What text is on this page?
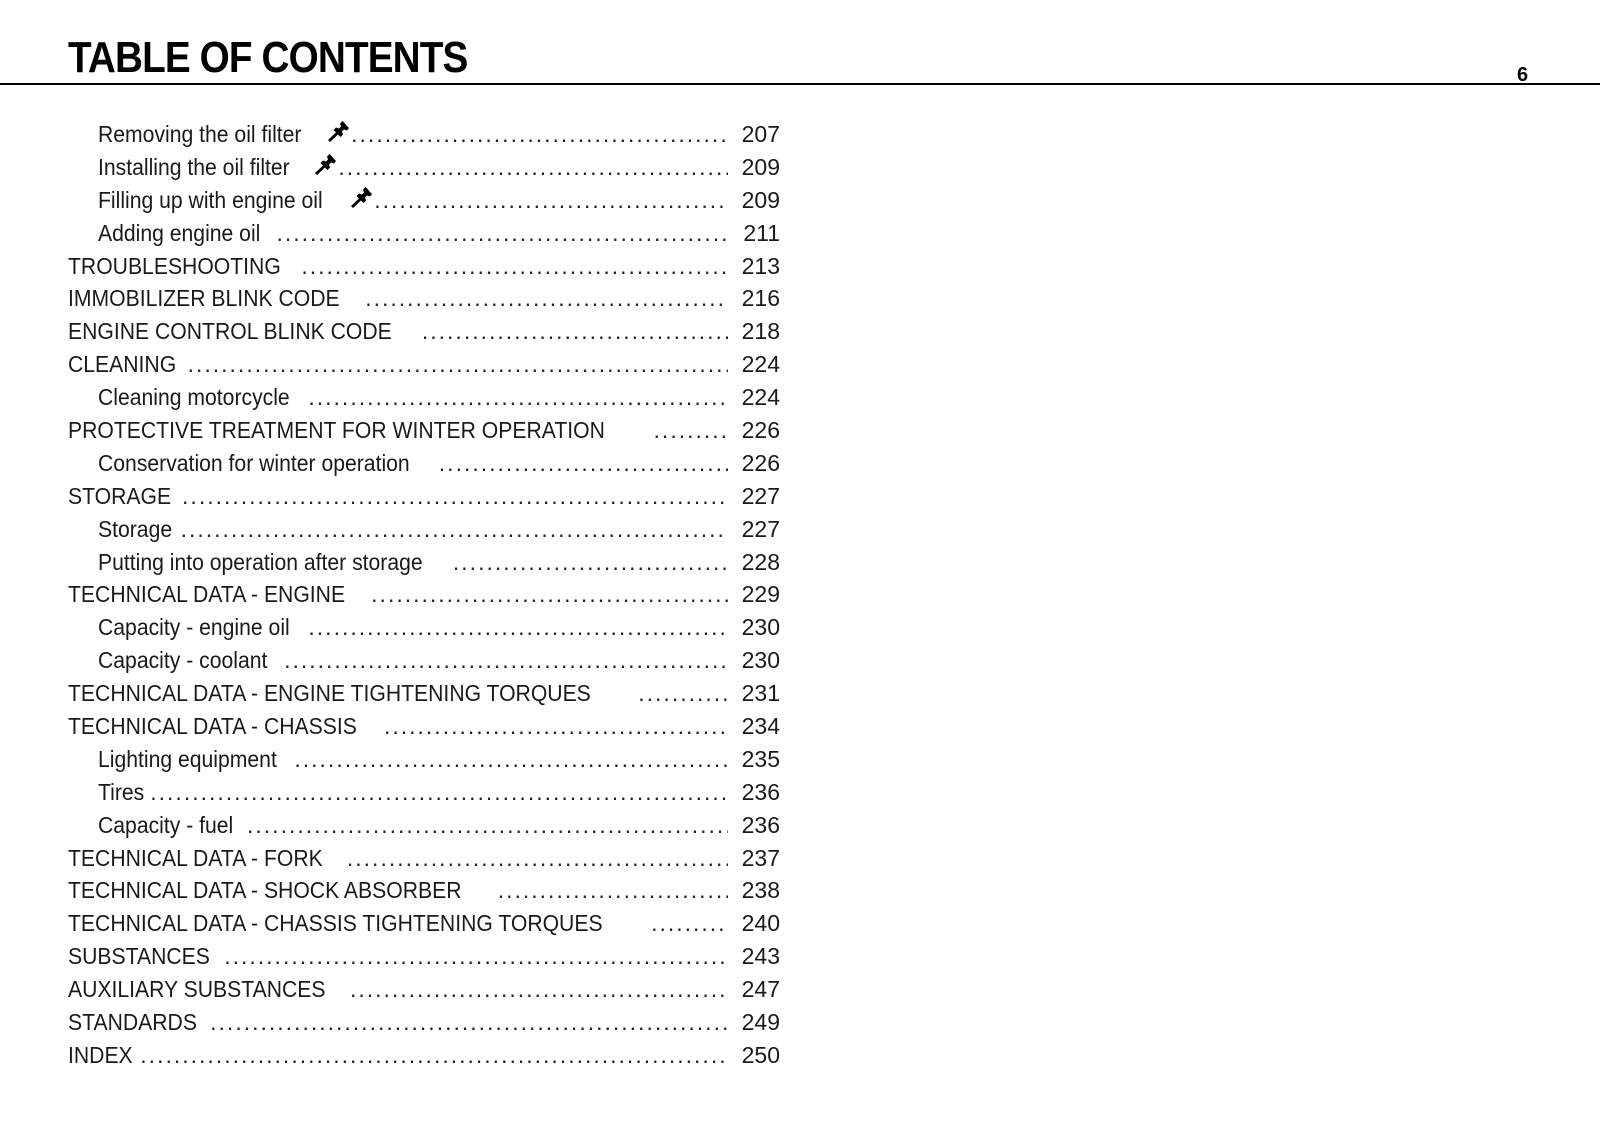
TABLE OF CONTENTS	6
Removing the oil filter .....	207
Installing the oil filter .....	209
Filling up with engine oil .....	209
Adding engine oil .....	211
TROUBLESHOOTING .....	213
IMMOBILIZER BLINK CODE .....	216
ENGINE CONTROL BLINK CODE .....	218
CLEANING .....	224
Cleaning motorcycle .....	224
PROTECTIVE TREATMENT FOR WINTER OPERATION .....	226
Conservation for winter operation .....	226
STORAGE .....	227
Storage .....	227
Putting into operation after storage .....	228
TECHNICAL DATA - ENGINE .....	229
Capacity - engine oil .....	230
Capacity - coolant .....	230
TECHNICAL DATA - ENGINE TIGHTENING TORQUES .....	231
TECHNICAL DATA - CHASSIS .....	234
Lighting equipment .....	235
Tires .....	236
Capacity - fuel .....	236
TECHNICAL DATA - FORK .....	237
TECHNICAL DATA - SHOCK ABSORBER .....	238
TECHNICAL DATA - CHASSIS TIGHTENING TORQUES .....	240
SUBSTANCES .....	243
AUXILIARY SUBSTANCES .....	247
STANDARDS .....	249
INDEX .....	250
